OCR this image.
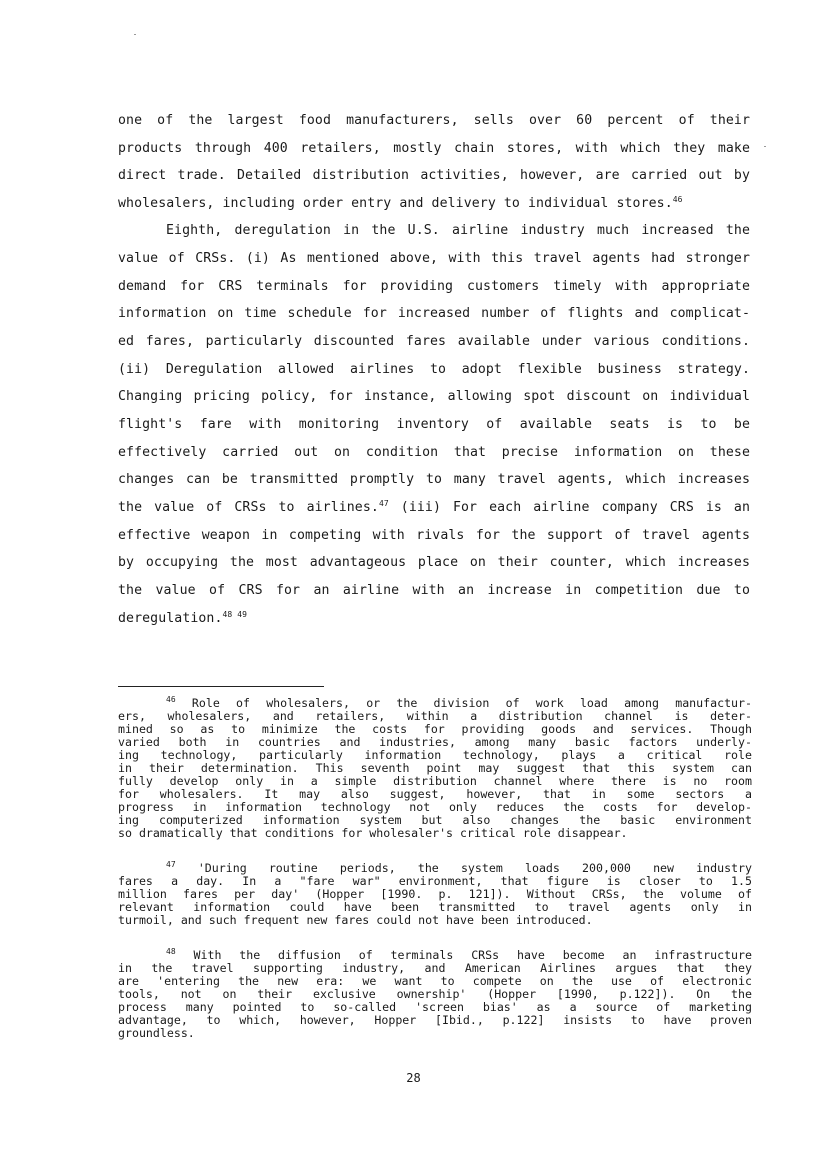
one of the largest food manufacturers, sells over 60 percent of their
products through 400 retailers, mostly chain stores, with which they make
direct trade. Detailed distribution activities, however, are carried out by
wholesalers, including order entry and delivery to individual stores.$^{46}$
Eighth, deregulation in the U.S. airline industry much increased the
value of CRSs. (i) As mentioned above, with this travel agents had stronger
demand for CRS terminals for providing customers timely with appropriate
information on time schedule for increased number of flights and complicat-
ed fares, particularly discounted fares available under various conditions.
(ii) Deregulation allowed airlines to adopt flexible business strategy.
Changing pricing policy, for instance, allowing spot discount on individual
flight's fare with monitoring inventory of available seats is to be
effectively carried out on condition that precise information on these
changes can be transmitted promptly to many travel agents, which increases
the value of CRSs to airlines.$^{47}$ (iii) For each airline company CRS is an
effective weapon in competing with rivals for the support of travel agents
by occupying the most advantageous place on their counter, which increases
the value of CRS for an airline with an increase in competition due to
deregulation.$^{48 49}$
$^{46}$ Role of wholesalers, or the division of work load among manufactur-
ers, wholesalers, and retailers, within a distribution channel is deter-
mined so as to minimize the costs for providing goods and services. Though
varied both in countries and industries, among many basic factors underly-
ing technology, particularly information technology, plays a critical role
in their determination. This seventh point may suggest that this system can
fully develop only in a simple distribution channel where there is no room
for wholesalers. It may also suggest, however, that in some sectors a
progress in information technology not only reduces the costs for develop-
ing computerized information system but also changes the basic environment
so dramatically that conditions for wholesaler's critical role disappear.
$^{47}$ 'During routine periods, the system loads 200,000 new industry
fares a day. In a "fare war" environment, that figure is closer to 1.5
million fares per day' (Hopper [1990. p. 121]). Without CRSs, the volume of
relevant information could have been transmitted to travel agents only in
turmoil, and such frequent new fares could not have been introduced.
$^{48}$ With the diffusion of terminals CRSs have become an infrastructure
in the travel supporting industry, and American Airlines argues that they
are 'entering the new era: we want to compete on the use of electronic
tools, not on their exclusive ownership' (Hopper [1990, p.122]). On the
process many pointed to so-called 'screen bias' as a source of marketing
advantage, to which, however, Hopper [Ibid., p.122] insists to have proven
groundless.
28
